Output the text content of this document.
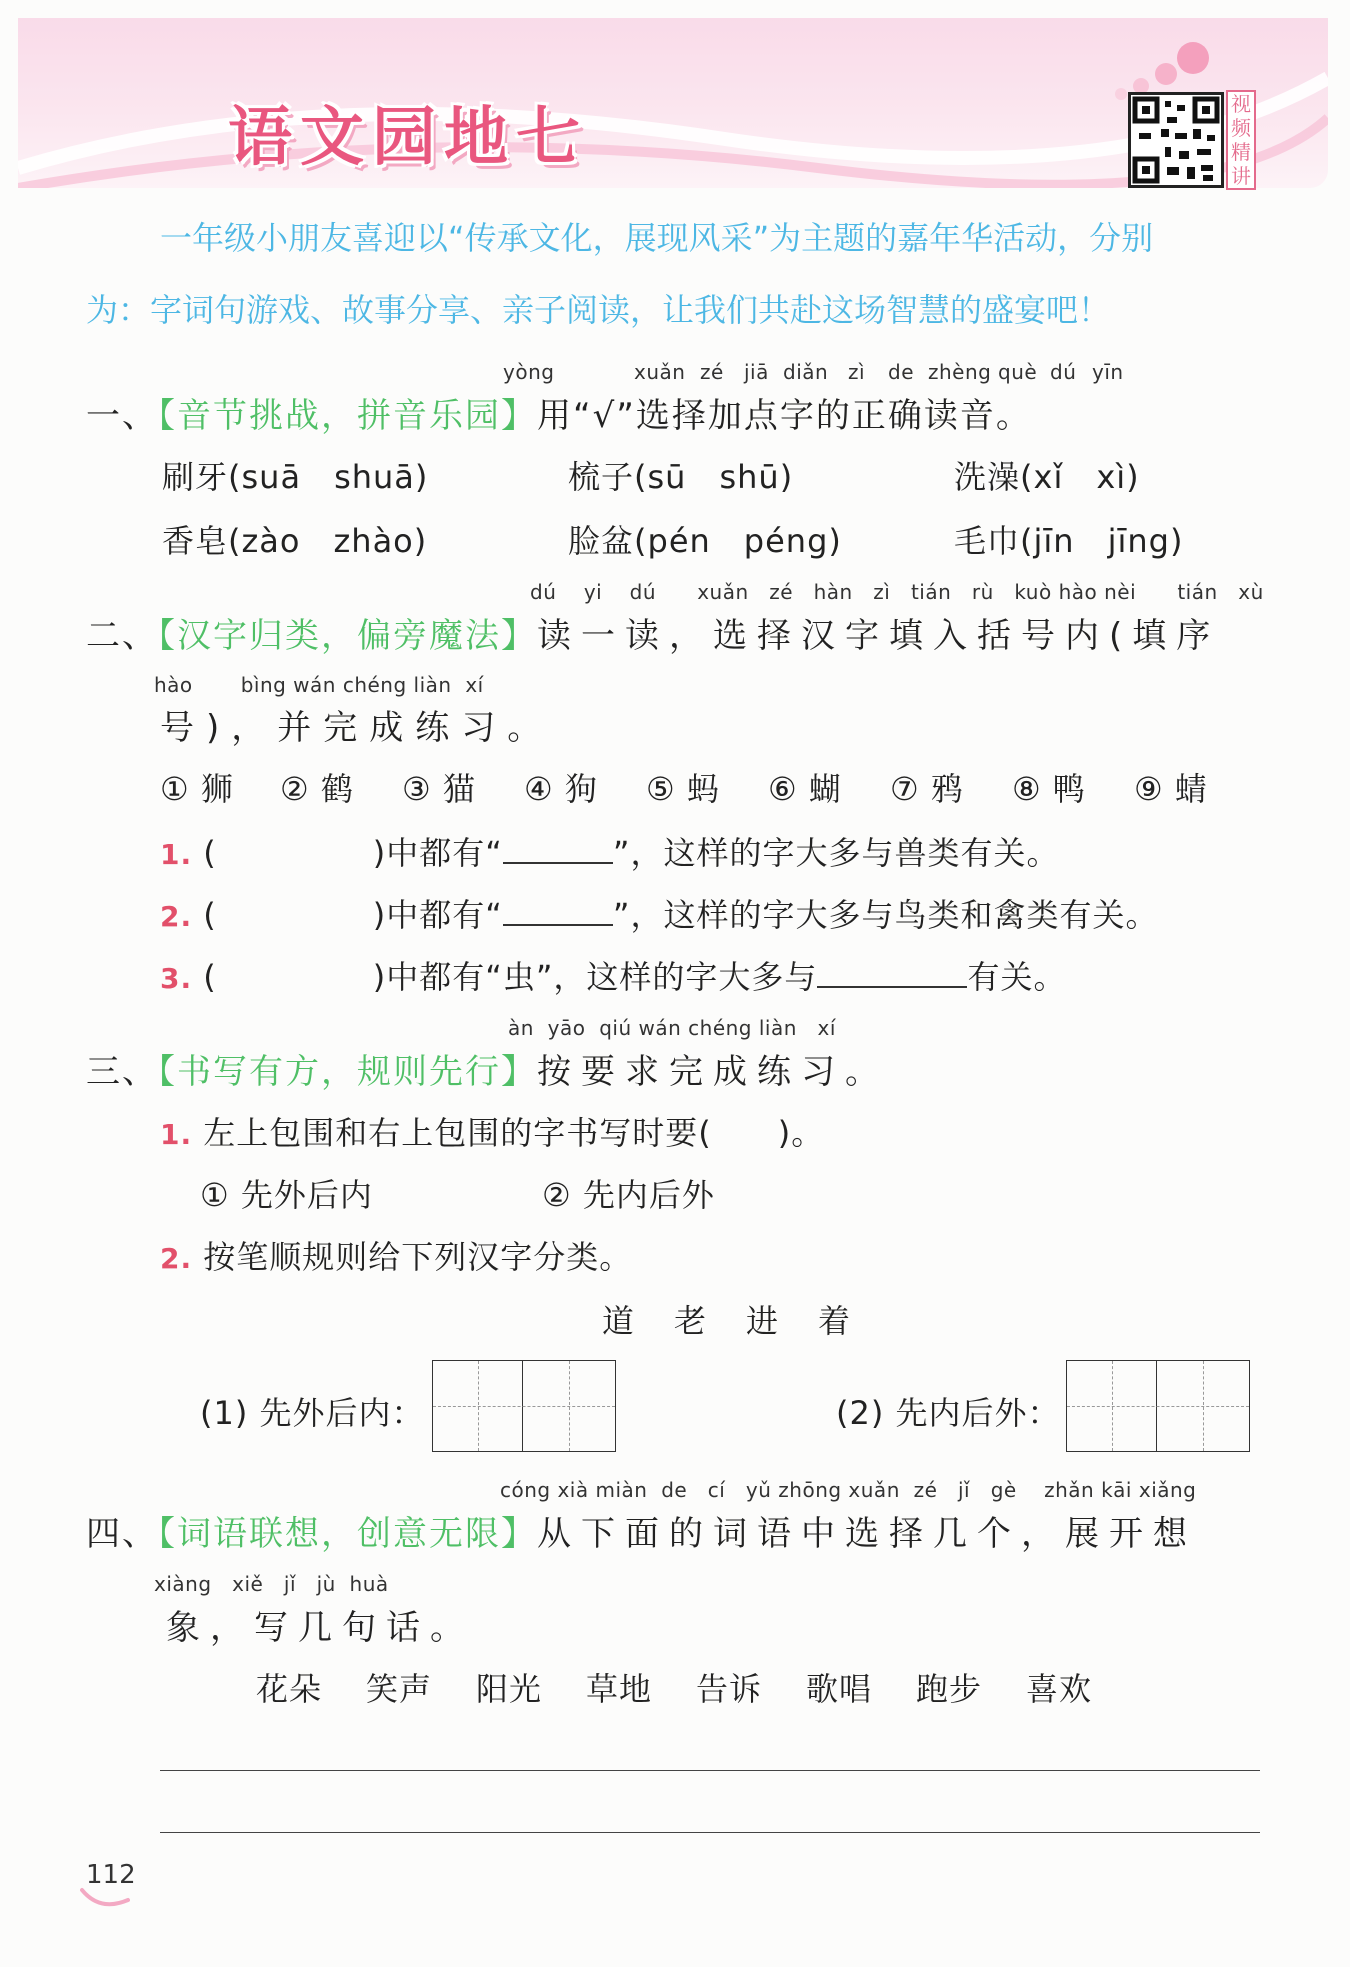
语文园地七	视频精讲
一年级小朋友喜迎以“传承文化，展现风采”为主题的嘉年华活动，分别
为：字词句游戏、故事分享、亲子阅读，让我们共赴这场智慧的盛宴吧！
yòng	xuǎn zé jiā diǎn zì de zhèng què dú yīn
一、【音节挑战，拼音乐园】用“√”选择加点字的正确读音。
刷牙(suā　shuā)	梳子(sū　shū)	洗澡(xǐ　xì)
香皂(zào　zhào)	脸盆(pén　péng)	毛巾(jīn　jīng)
dú yi dú xuǎn zé hàn zì tián rù kuò hào nèi tián xù
二、【汉字归类，偏旁魔法】读一读，选择汉字填入括号内(填序
hào bìng wán chéng liàn xí
号)，并完成练习。
① 狮 ② 鹤 ③ 猫 ④ 狗 ⑤ 蚂 ⑥ 蝴 ⑦ 鸦 ⑧ 鸭 ⑨ 蜻
1. (	)中都有“	”，这样的字大多与兽类有关。
2. (	)中都有“	”，这样的字大多与鸟类和禽类有关。
3. (	)中都有“虫”，这样的字大多与	有关。
àn yāo qiú wán chéng liàn xí
三、【书写有方，规则先行】按要求完成练习。
1. 左上包围和右上包围的字书写时要(　　)。
① 先外后内	② 先内后外
2. 按笔顺规则给下列汉字分类。
道　老　进　着
(1) 先外后内：	(2) 先内后外：
cóng xià miàn de cí yǔ zhōng xuǎn zé jǐ gè zhǎn kāi xiǎng
四、【词语联想，创意无限】从下面的词语中选择几个，展开想
xiàng xiě jǐ jù huà
象，写几句话。
花朵 笑声 阳光 草地 告诉 歌唱 跑步 喜欢
112
